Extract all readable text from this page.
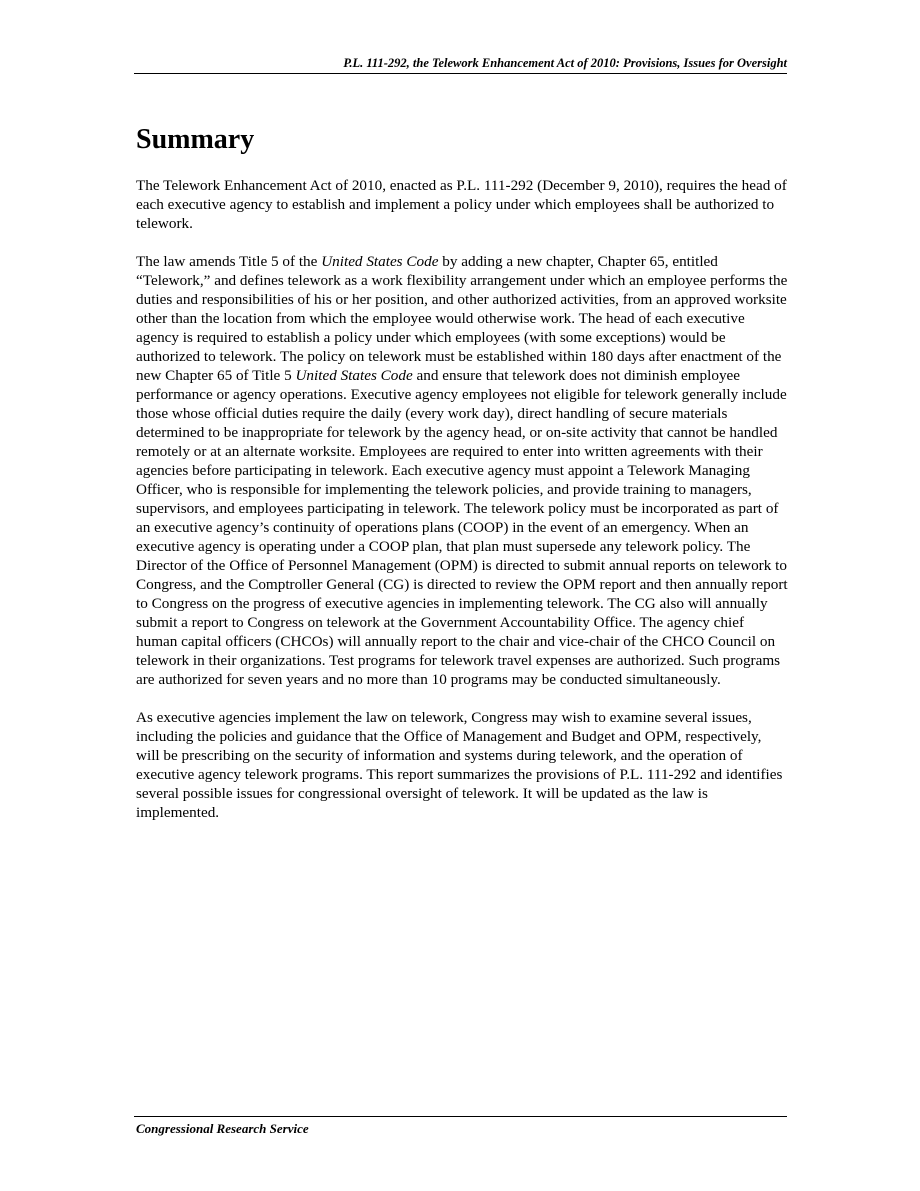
P.L. 111-292, the Telework Enhancement Act of 2010: Provisions, Issues for Oversight
Summary

The Telework Enhancement Act of 2010, enacted as P.L. 111-292 (December 9, 2010), requires the head of each executive agency to establish and implement a policy under which employees shall be authorized to telework.

The law amends Title 5 of the United States Code by adding a new chapter, Chapter 65, entitled “Telework,” and defines telework as a work flexibility arrangement under which an employee performs the duties and responsibilities of his or her position, and other authorized activities, from an approved worksite other than the location from which the employee would otherwise work. The head of each executive agency is required to establish a policy under which employees (with some exceptions) would be authorized to telework. The policy on telework must be established within 180 days after enactment of the new Chapter 65 of Title 5 United States Code and ensure that telework does not diminish employee performance or agency operations. Executive agency employees not eligible for telework generally include those whose official duties require the daily (every work day), direct handling of secure materials determined to be inappropriate for telework by the agency head, or on-site activity that cannot be handled remotely or at an alternate worksite. Employees are required to enter into written agreements with their agencies before participating in telework. Each executive agency must appoint a Telework Managing Officer, who is responsible for implementing the telework policies, and provide training to managers, supervisors, and employees participating in telework. The telework policy must be incorporated as part of an executive agency’s continuity of operations plans (COOP) in the event of an emergency. When an executive agency is operating under a COOP plan, that plan must supersede any telework policy. The Director of the Office of Personnel Management (OPM) is directed to submit annual reports on telework to Congress, and the Comptroller General (CG) is directed to review the OPM report and then annually report to Congress on the progress of executive agencies in implementing telework. The CG also will annually submit a report to Congress on telework at the Government Accountability Office. The agency chief human capital officers (CHCOs) will annually report to the chair and vice-chair of the CHCO Council on telework in their organizations. Test programs for telework travel expenses are authorized. Such programs are authorized for seven years and no more than 10 programs may be conducted simultaneously.

As executive agencies implement the law on telework, Congress may wish to examine several issues, including the policies and guidance that the Office of Management and Budget and OPM, respectively, will be prescribing on the security of information and systems during telework, and the operation of executive agency telework programs. This report summarizes the provisions of P.L. 111-292 and identifies several possible issues for congressional oversight of telework. It will be updated as the law is implemented.

Congressional Research Service
